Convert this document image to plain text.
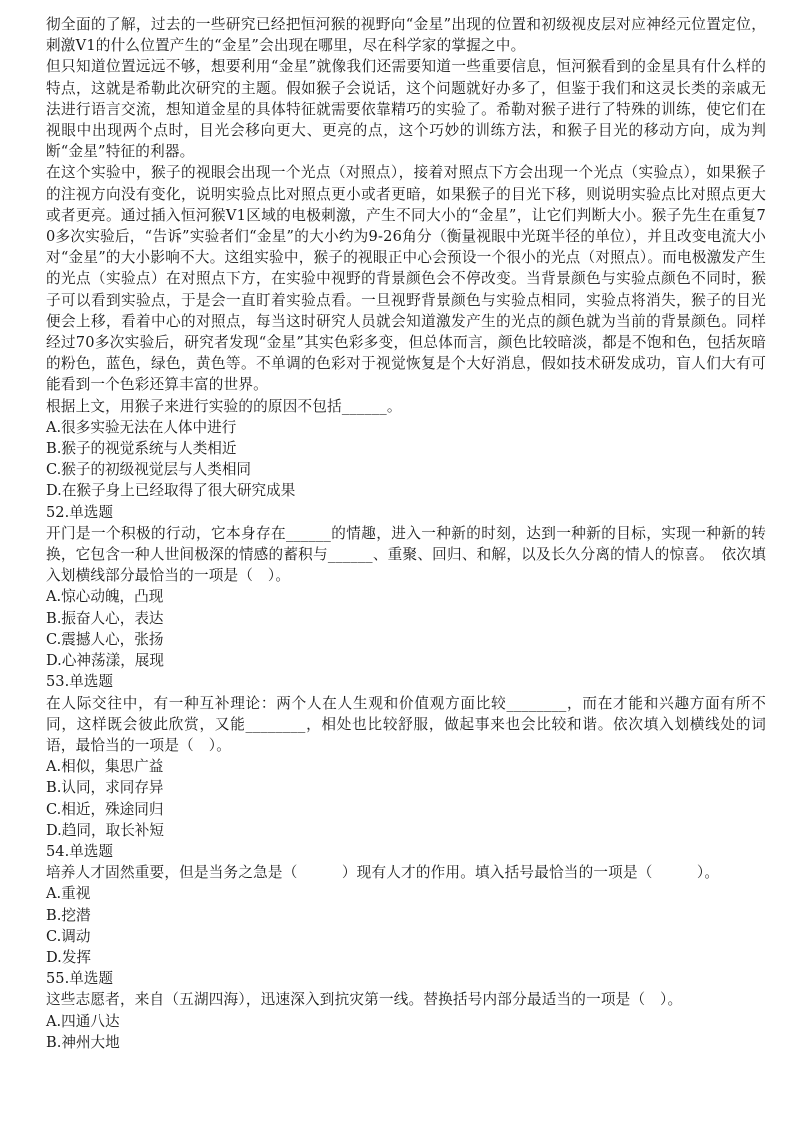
彻全面的了解，过去的一些研究已经把恒河猴的视野向“金星”出现的位置和初级视皮层对应神经元位置定位，刺激V1的什么位置产生的“金星”会出现在哪里，尽在科学家的掌握之中。

但只知道位置远远不够，想要利用“金星”就像我们还需要知道一些重要信息，恒河猴看到的金星具有什么样的特点，这就是希勒此次研究的主题。假如猴子会说话，这个问题就好办多了，但鉴于我们和这灵长类的亲戚无法进行语言交流，想知道金星的具体特征就需要依靠精巧的实验了。希勒对猴子进行了特殊的训练，使它们在视眼中出现两个点时，目光会移向更大、更亮的点，这个巧妙的训练方法，和猴子目光的移动方向，成为判断“金星”特征的利器。

在这个实验中，猴子的视眼会出现一个光点（对照点），接着对照点下方会出现一个光点（实验点），如果猴子的注视方向没有变化，说明实验点比对照点更小或者更暗，如果猴子的目光下移，则说明实验点比对照点更大或者更亮。通过插入恒河猴V1区域的电极刺激，产生不同大小的“金星”，让它们判断大小。猴子先生在重复70多次实验后，“告诉”实验者们“金星”的大小约为9-26角分（衡量视眼中光斑半径的单位），并且改变电流大小对“金星”的大小影响不大。这组实验中，猴子的视眼正中心会预设一个很小的光点（对照点）。而电极激发产生的光点（实验点）在对照点下方，在实验中视野的背景颜色会不停改变。当背景颜色与实验点颜色不同时，猴子可以看到实验点，于是会一直盯着实验点看。一旦视野背景颜色与实验点相同，实验点将消失，猴子的目光便会上移，看着中心的对照点，每当这时研究人员就会知道激发产生的光点的颜色就为当前的背景颜色。同样经过70多次实验后，研究者发现“金星”其实色彩多变，但总体而言，颜色比较暗淡，都是不饱和色，包括灰暗的粉色，蓝色，绿色，黄色等。不单调的色彩对于视觉恢复是个大好消息，假如技术研发成功，盲人们大有可能看到一个色彩还算丰富的世界。

根据上文，用猴子来进行实验的的原因不包括______。

A.很多实验无法在人体中进行

B.猴子的视觉系统与人类相近

C.猴子的初级视觉层与人类相同

D.在猴子身上已经取得了很大研究成果

52.单选题

开门是一个积极的行动，它本身存在______的情趣，进入一种新的时刻，达到一种新的目标，实现一种新的转换，它包含一种人世间极深的情感的蓄积与______、重聚、回归、和解，以及长久分离的情人的惊喜。　依次填入划横线部分最恰当的一项是（　）。

A.惊心动魄，凸现

B.振奋人心，表达

C.震撼人心，张扬

D.心神荡漾，展现

53.单选题

在人际交往中，有一种互补理论：两个人在人生观和价值观方面比较________，而在才能和兴趣方面有所不同，这样既会彼此欣赏，又能________，相处也比较舒服，做起事来也会比较和谐。依次填入划横线处的词语，最恰当的一项是（　）。

A.相似，集思广益

B.认同，求同存异

C.相近，殊途同归

D.趋同，取长补短

54.单选题

培养人才固然重要，但是当务之急是（　　　）现有人才的作用。填入括号最恰当的一项是（　　　）。

A.重视

B.挖潜

C.调动

D.发挥

55.单选题

这些志愿者，来自（五湖四海），迅速深入到抗灾第一线。替换括号内部分最适当的一项是（　）。

A.四通八达

B.神州大地
